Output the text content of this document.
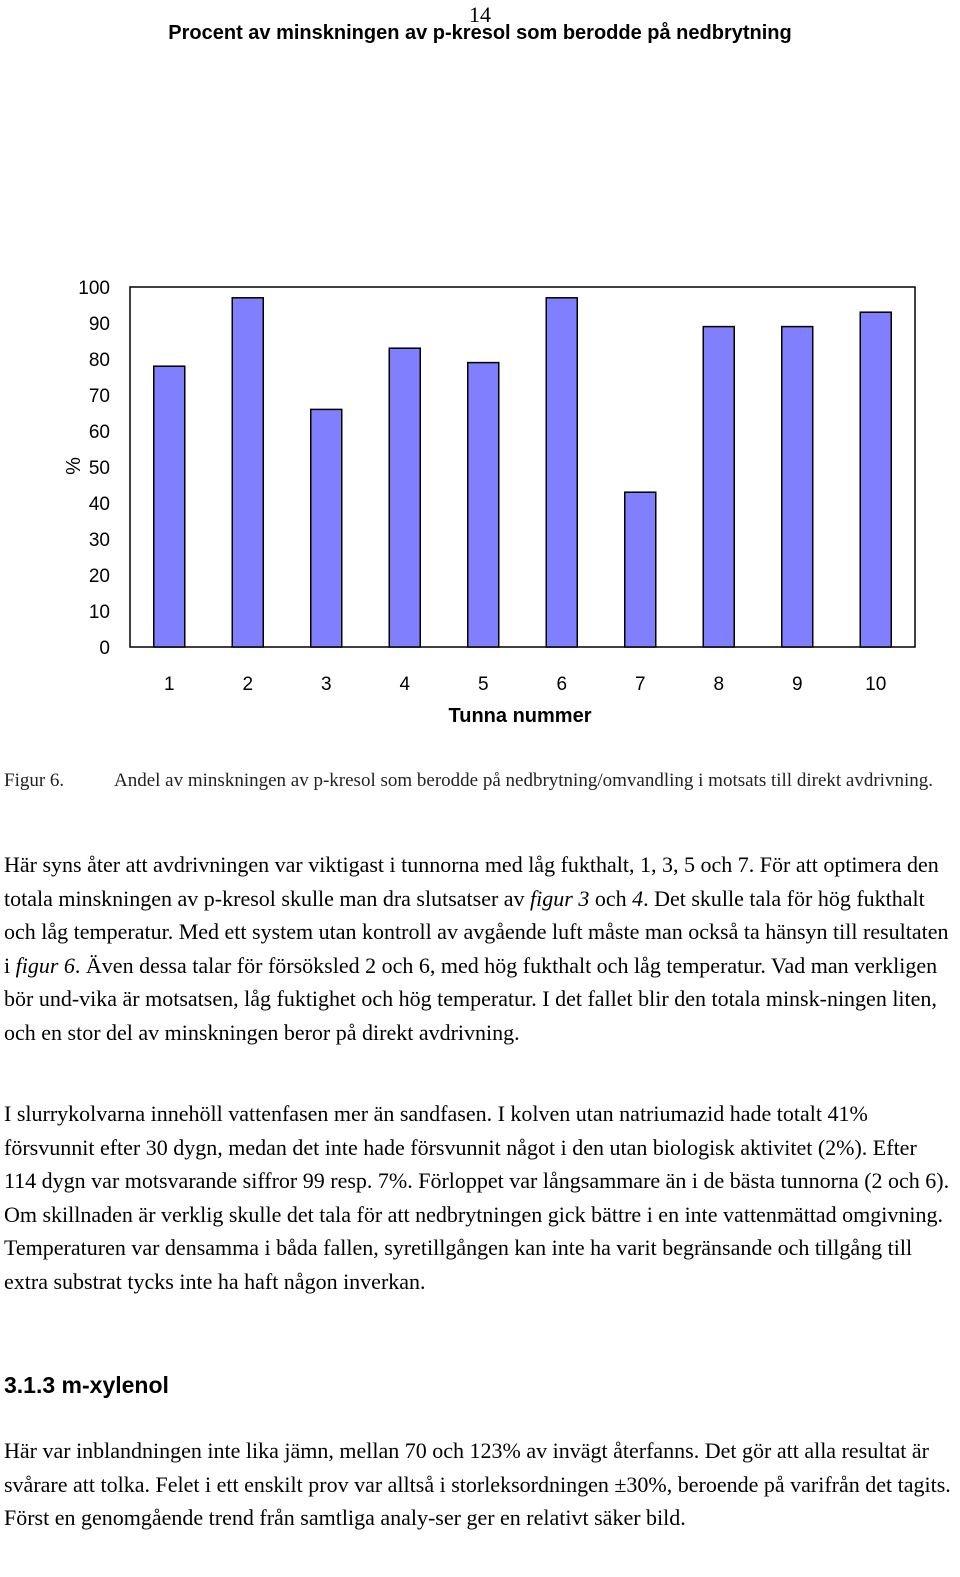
14
Procent av minskningen av p-kresol som berodde på nedbrytning
0
10
20
30
40
50
60
70
80
90
100
%
1	2	3	4	5	6	7	8	9	10
Tunna nummer
Figur 6.	Andel av minskningen av p-kresol som berodde på nedbrytning/omvandling i motsats till direkt avdrivning.

Här syns åter att avdrivningen var viktigast i tunnorna med låg fukthalt, 1, 3, 5 och 7. För att optimera den totala minskningen av p-kresol skulle man dra slutsatser av figur 3 och 4. Det skulle tala för hög fukthalt och låg temperatur. Med ett system utan kontroll av avgående luft måste man också ta hänsyn till resultaten i figur 6. Även dessa talar för försöksled 2 och 6, med hög fukthalt och låg temperatur. Vad man verkligen bör und-vika är motsatsen, låg fuktighet och hög temperatur. I det fallet blir den totala minsk-ningen liten, och en stor del av minskningen beror på direkt avdrivning.

I slurrykolvarna innehöll vattenfasen mer än sandfasen. I kolven utan natriumazid hade totalt 41% försvunnit efter 30 dygn, medan det inte hade försvunnit något i den utan biologisk aktivitet (2%). Efter 114 dygn var motsvarande siffror 99 resp. 7%. Förloppet var långsammare än i de bästa tunnorna (2 och 6). Om skillnaden är verklig skulle det tala för att nedbrytningen gick bättre i en inte vattenmättad omgivning. Temperaturen var densamma i båda fallen, syretillgången kan inte ha varit begränsande och tillgång till extra substrat tycks inte ha haft någon inverkan.

3.1.3 m-xylenol

Här var inblandningen inte lika jämn, mellan 70 och 123% av invägt återfanns. Det gör att alla resultat är svårare att tolka. Felet i ett enskilt prov var alltså i storleksordningen ±30%, beroende på varifrån det tagits. Först en genomgående trend från samtliga analy-ser ger en relativt säker bild.
